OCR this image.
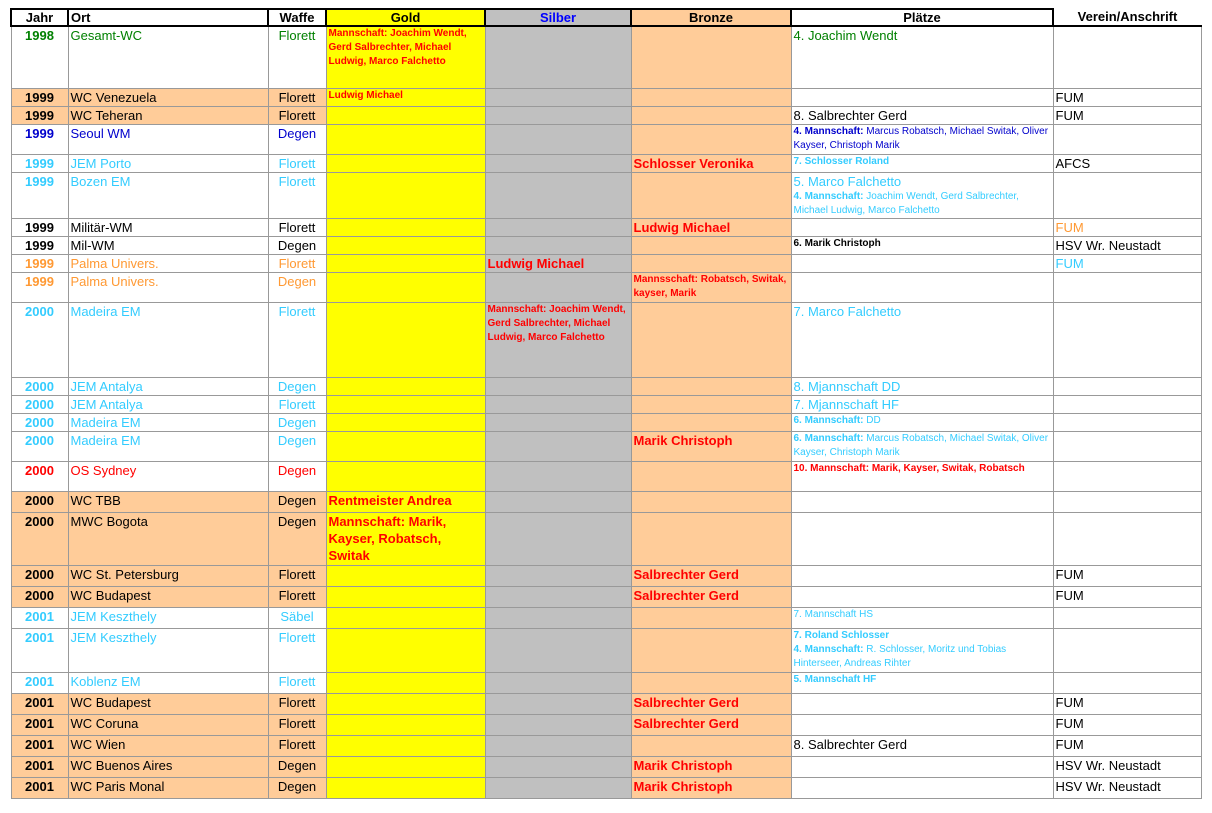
Jahr	Ort	Waffe	Gold	Silber	Bronze	Plätze	Verein/Anschrift
1998	Gesamt-WC	Florett	Mannschaft: Joachim Wendt, Gerd Salbrechter, Michael Ludwig, Marco Falchetto			4. Joachim Wendt	
1999	WC Venezuela	Florett	Ludwig Michael				FUM
1999	WC Teheran	Florett				8. Salbrechter Gerd	FUM
1999	Seoul WM	Degen				4. Mannschaft: Marcus Robatsch, Michael Switak, Oliver Kayser, Christoph Marik	
1999	JEM Porto	Florett			Schlosser Veronika	7. Schlosser Roland	AFCS
1999	Bozen EM	Florett				5. Marco Falchetto
4. Mannschaft: Joachim Wendt, Gerd Salbrechter, Michael Ludwig, Marco Falchetto	

1999	Militär-WM	Florett			Ludwig Michael		FUM
1999	Mil-WM	Degen				6. Marik Christoph	HSV Wr. Neustadt
1999	Palma Univers.	Florett		Ludwig Michael			FUM
1999	Palma Univers.	Degen			Mannsschaft: Robatsch, Switak, kayser, Marik		
2000	Madeira EM	Florett		Mannschaft: Joachim Wendt, Gerd Salbrechter, Michael Ludwig, Marco Falchetto		7. Marco Falchetto	
2000	JEM Antalya	Degen				8. Mjannschaft DD	
2000	JEM Antalya	Florett				7. Mjannschaft HF	
2000	Madeira EM	Degen				6. Mannschaft: DD	
2000	Madeira EM	Degen			Marik Christoph	6. Mannschaft: Marcus Robatsch, Michael Switak, Oliver Kayser, Christoph Marik	
2000	OS Sydney	Degen				10. Mannschaft: Marik, Kayser, Switak, Robatsch	
2000	WC TBB	Degen	Rentmeister Andrea				
2000	MWC Bogota	Degen	Mannschaft: Marik, Kayser, Robatsch, Switak				
2000	WC St. Petersburg	Florett			Salbrechter Gerd		FUM
2000	WC Budapest	Florett			Salbrechter Gerd		FUM
2001	JEM Keszthely	Säbel				7. Mannschaft HS	
2001	JEM Keszthely	Florett				7. Roland Schlosser
4. Mannschaft: R. Schlosser, Moritz und Tobias Hinterseer, Andreas Rihter	

2001	Koblenz EM	Florett				5. Mannschaft HF	
2001	WC Budapest	Florett			Salbrechter Gerd		FUM
2001	WC Coruna	Florett			Salbrechter Gerd		FUM
2001	WC Wien	Florett				8. Salbrechter Gerd	FUM
2001	WC Buenos Aires	Degen			Marik Christoph		HSV Wr. Neustadt
2001	WC Paris Monal	Degen			Marik Christoph		HSV Wr. Neustadt
